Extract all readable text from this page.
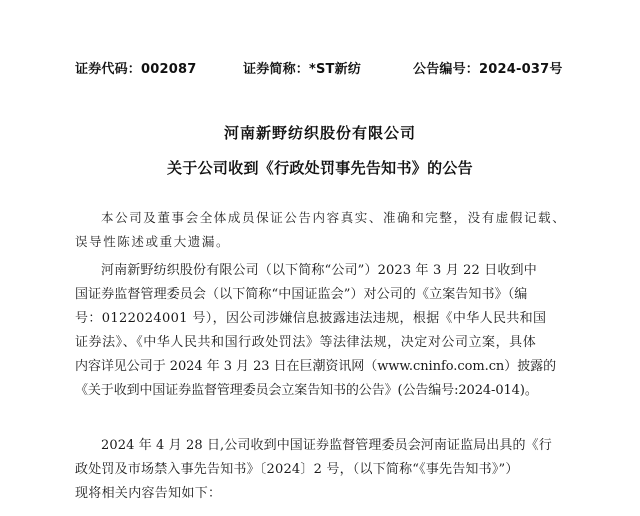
证券代码：002087	证券简称：*ST新纺	公告编号：2024-037号
河南新野纺织股份有限公司
关于公司收到《行政处罚事先告知书》的公告
本公司及董事会全体成员保证公告内容真实、准确和完整，没有虚假记载、
误导性陈述或重大遗漏。
河南新野纺织股份有限公司（以下简称“公司”）2023 年 3 月 22 日收到中
国证券监督管理委员会（以下简称“中国证监会”）对公司的《立案告知书》（编
号：0122024001 号），因公司涉嫌信息披露违法违规，根据《中华人民共和国
证券法》、《中华人民共和国行政处罚法》等法律法规，决定对公司立案，具体
内容详见公司于 2024 年 3 月 23 日在巨潮资讯网（www.cninfo.com.cn）披露的
《关于收到中国证券监督管理委员会立案告知书的公告》(公告编号:2024-014)。
2024 年 4 月 28 日,公司收到中国证券监督管理委员会河南证监局出具的《行
政处罚及市场禁入事先告知书》〔2024〕2 号，（以下简称“《事先告知书》”）
现将相关内容告知如下：
